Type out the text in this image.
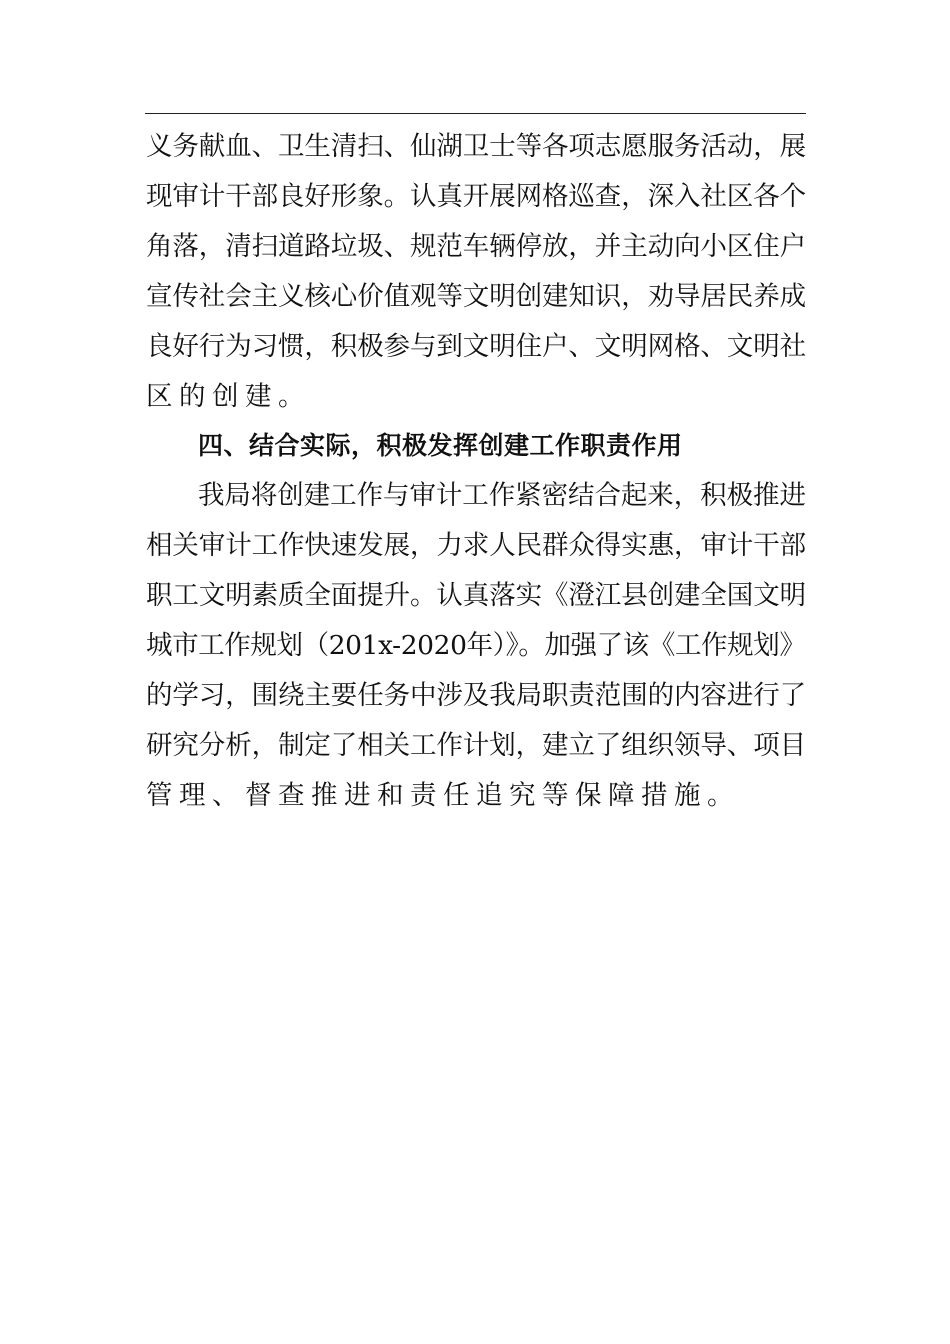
义务献血、卫生清扫、仙湖卫士等各项志愿服务活动，展
现审计干部良好形象。认真开展网格巡查，深入社区各个
角落，清扫道路垃圾、规范车辆停放，并主动向小区住户
宣传社会主义核心价值观等文明创建知识，劝导居民养成
良好行为习惯，积极参与到文明住户、文明网格、文明社
区的创建。
四、结合实际，积极发挥创建工作职责作用
我局将创建工作与审计工作紧密结合起来，积极推进
相关审计工作快速发展，力求人民群众得实惠，审计干部
职工文明素质全面提升。认真落实《澄江县创建全国文明
城市工作规划（201x-2020年）》。加强了该《工作规划》
的学习，围绕主要任务中涉及我局职责范围的内容进行了
研究分析，制定了相关工作计划，建立了组织领导、项目
管理、督查推进和责任追究等保障措施。
